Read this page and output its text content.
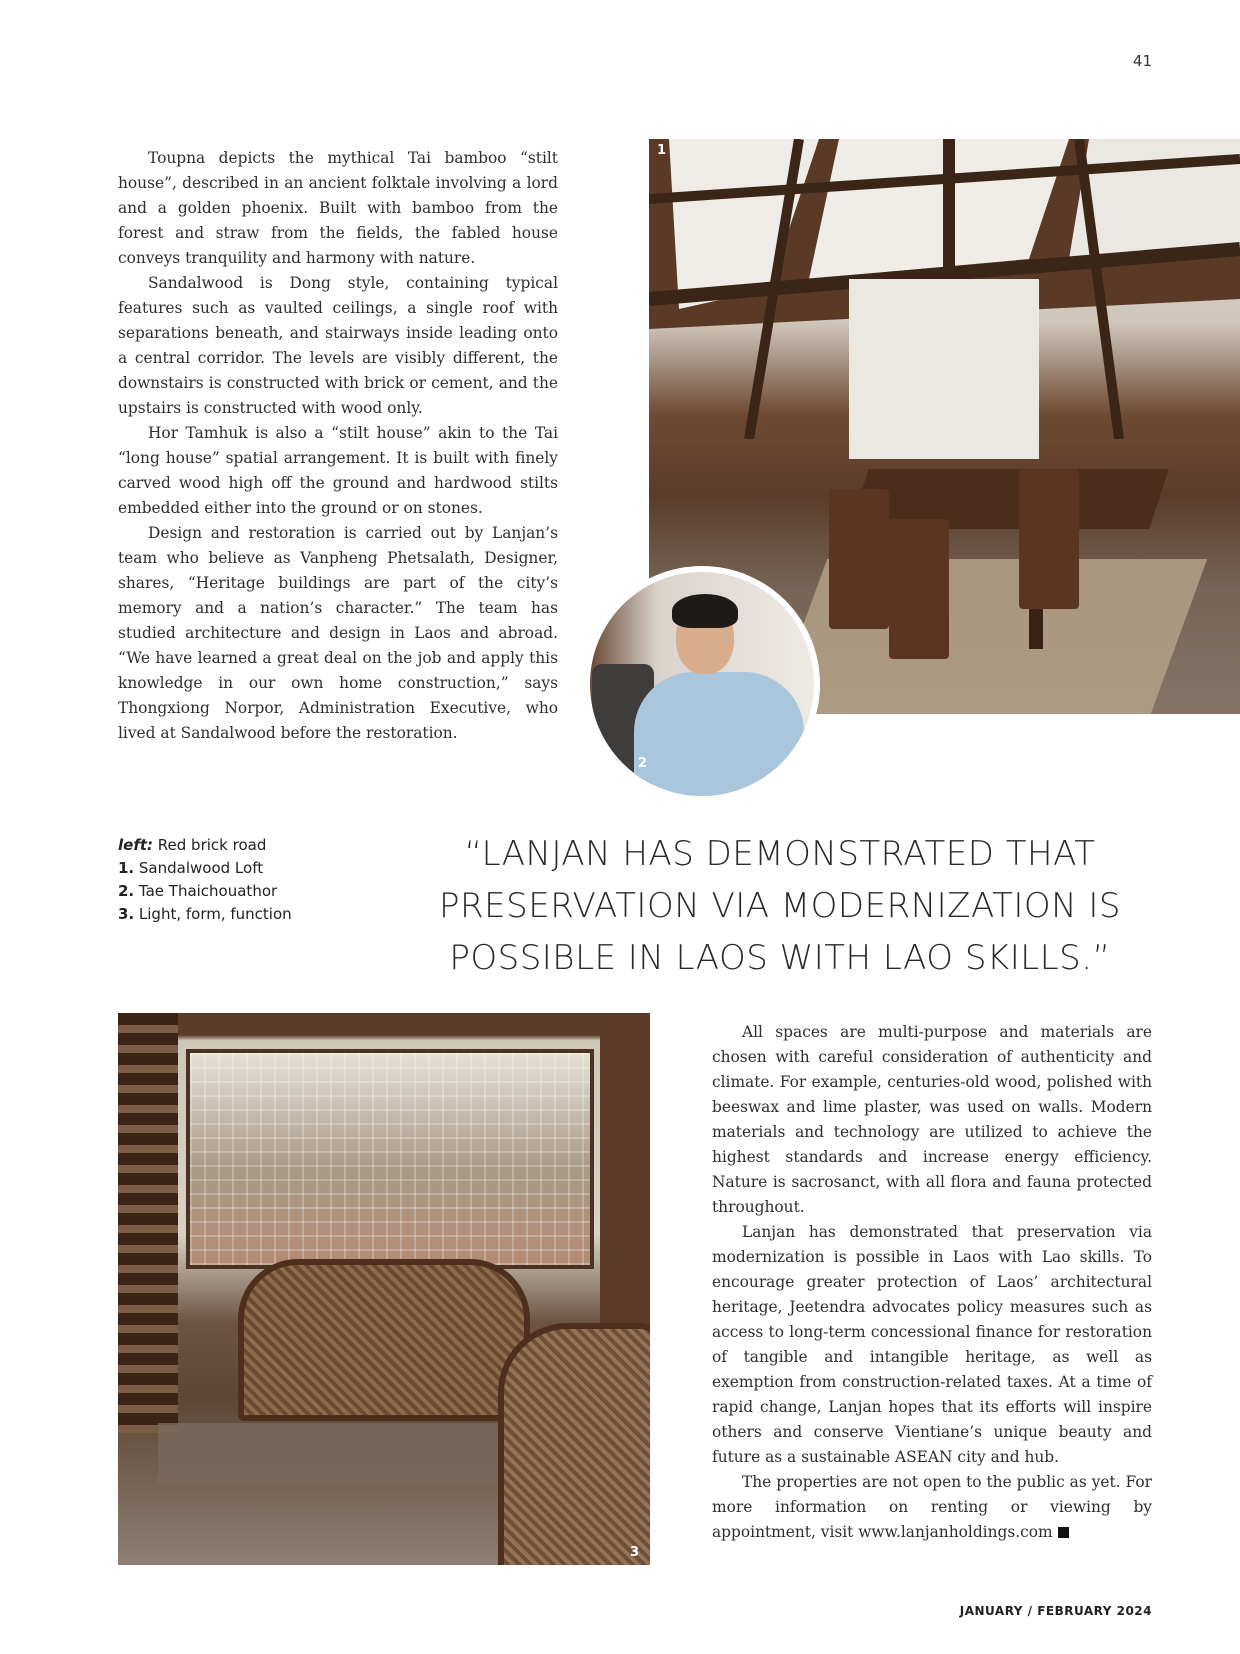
41

Toupna depicts the mythical Tai bamboo “stilt house”, described in an ancient folktale involving a lord and a golden phoenix. Built with bamboo from the forest and straw from the fields, the fabled house conveys tranquility and harmony with nature.

Sandalwood is Dong style, containing typical features such as vaulted ceilings, a single roof with separations beneath, and stairways inside leading onto a central corridor. The levels are visibly different, the downstairs is constructed with brick or cement, and the upstairs is constructed with wood only.

Hor Tamhuk is also a “stilt house” akin to the Tai “long house” spatial arrangement. It is built with finely carved wood high off the ground and hardwood stilts embedded either into the ground or on stones.

Design and restoration is carried out by Lanjan’s team who believe as Vanpheng Phetsalath, Designer, shares, “Heritage buildings are part of the city’s memory and a nation’s character.” The team has studied architecture and design in Laos and abroad. “We have learned a great deal on the job and apply this knowledge in our own home construction,” says Thongxiong Norpor, Administration Executive, who lived at Sandalwood before the restoration.

1
2
left: Red brick road
1. Sandalwood Loft
2. Tae Thaichouathor
3. Light, form, function
“LANJAN HAS DEMONSTRATED THAT
PRESERVATION VIA MODERNIZATION IS
POSSIBLE IN LAOS WITH LAO SKILLS.”
3

All spaces are multi-purpose and materials are chosen with careful consideration of authenticity and climate. For example, centuries-old wood, polished with beeswax and lime plaster, was used on walls. Modern materials and technology are utilized to achieve the highest standards and increase energy efficiency. Nature is sacrosanct, with all flora and fauna protected throughout.

Lanjan has demonstrated that preservation via modernization is possible in Laos with Lao skills. To encourage greater protection of Laos’ architectural heritage, Jeetendra advocates policy measures such as access to long-term concessional finance for restoration of tangible and intangible heritage, as well as exemption from construction-related taxes. At a time of rapid change, Lanjan hopes that its efforts will inspire others and conserve Vientiane’s unique beauty and future as a sustainable ASEAN city and hub.

The properties are not open to the public as yet. For more information on renting or viewing by appointment, visit www.lanjanholdings.com

JANUARY / FEBRUARY 2024
